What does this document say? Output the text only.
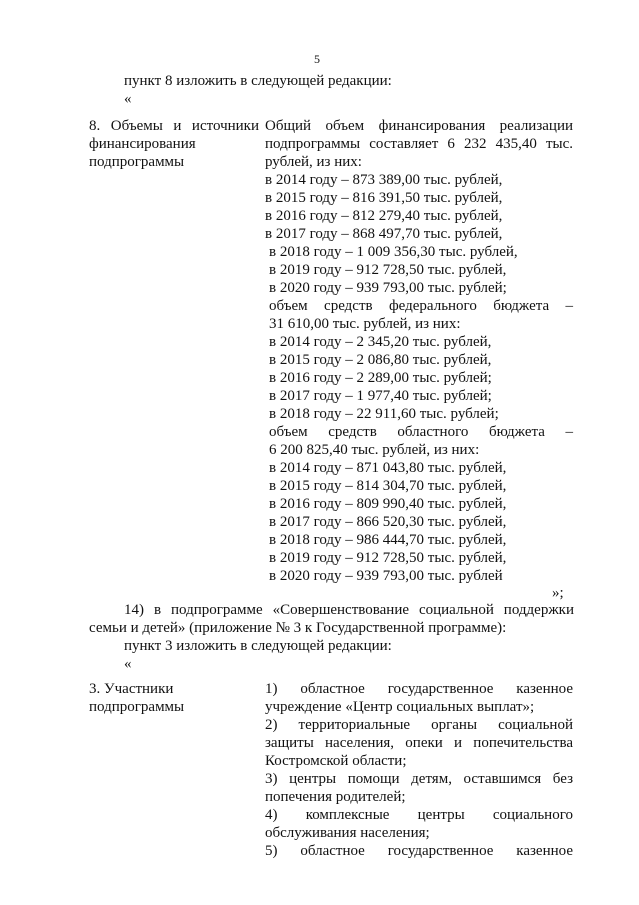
5
пункт 8 изложить в следующей редакции:
«
8. Объемы и источники
финансирования
подпрограммы
Общий объем финансирования реализации
подпрограммы составляет 6 232 435,40 тыс.
рублей, из них:
в 2014 году – 873 389,00 тыс. рублей,
в 2015 году – 816 391,50 тыс. рублей,
в 2016 году – 812 279,40 тыс. рублей,
в 2017 году – 868 497,70 тыс. рублей,
в 2018 году – 1 009 356,30 тыс. рублей,
в 2019 году – 912 728,50 тыс. рублей,
в 2020 году – 939 793,00 тыс. рублей;
объем средств федерального бюджета –
31 610,00 тыс. рублей, из них:
в 2014 году – 2 345,20 тыс. рублей,
в 2015 году – 2 086,80 тыс. рублей,
в 2016 году – 2 289,00 тыс. рублей;
в 2017 году – 1 977,40 тыс. рублей;
в 2018 году – 22 911,60 тыс. рублей;
объем средств областного бюджета –
6 200 825,40 тыс. рублей, из них:
в 2014 году – 871 043,80 тыс. рублей,
в 2015 году – 814 304,70 тыс. рублей,
в 2016 году – 809 990,40 тыс. рублей,
в 2017 году – 866 520,30 тыс. рублей,
в 2018 году – 986 444,70 тыс. рублей,
в 2019 году – 912 728,50 тыс. рублей,
в 2020 году – 939 793,00 тыс. рублей
»;
14) в подпрограмме «Совершенствование социальной поддержки
семьи и детей» (приложение № 3 к Государственной программе):
пункт 3 изложить в следующей редакции:
«
3. Участники
подпрограммы
1) областное государственное казенное
учреждение «Центр социальных выплат»;
2) территориальные органы социальной
защиты населения, опеки и попечительства
Костромской области;
3) центры помощи детям, оставшимся без
попечения родителей;
4) комплексные центры социального
обслуживания населения;
5) областное государственное казенное
